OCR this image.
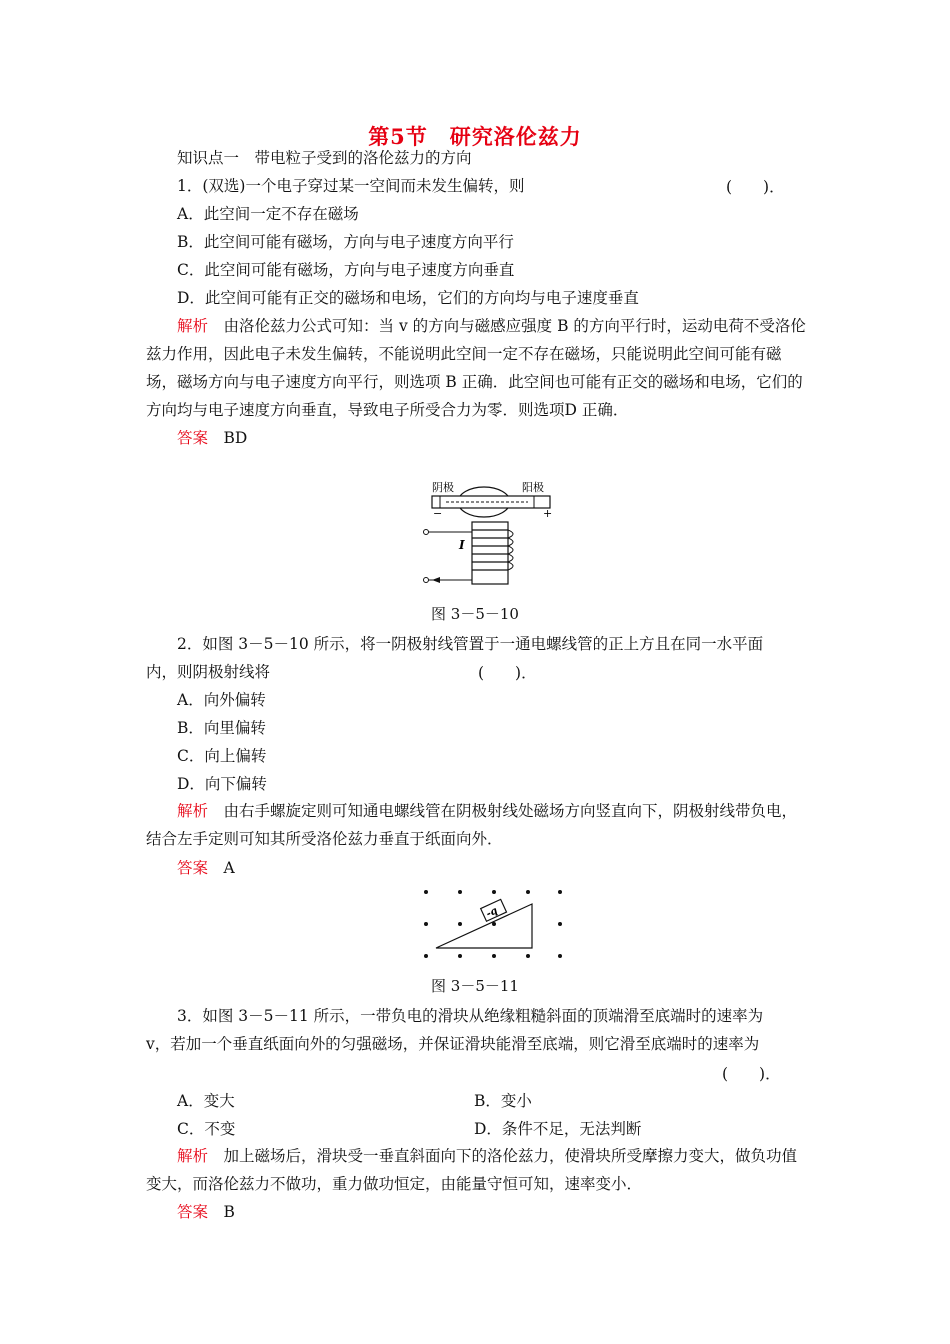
第5节　研究洛伦兹力
知识点一　带电粒子受到的洛伦兹力的方向
1．(双选)一个电子穿过某一空间而未发生偏转，则	(　　)．
A．此空间一定不存在磁场
B．此空间可能有磁场，方向与电子速度方向平行
C．此空间可能有磁场，方向与电子速度方向垂直
D．此空间可能有正交的磁场和电场，它们的方向均与电子速度垂直
解析　 由洛伦兹力公式可知：当 v 的方向与磁感应强度 B 的方向平行时，运动电荷不受洛伦兹力作用，因此电子未发生偏转，不能说明此空间一定不存在磁场，只能说明此空间可能有磁场，磁场方向与电子速度方向平行，则选项 B 正确．此空间也可能有正交的磁场和电场，它们的方向均与电子速度方向垂直，导致电子所受合力为零．则选项D 正确．
答案　 BD
阴极	阳极
−	+
I
图 3－5－10
2．如图 3－5－10 所示，将一阴极射线管置于一通电螺线管的正上方且在同一水平面
内，则阴极射线将	(　　)．
A．向外偏转
B．向里偏转
C．向上偏转
D．向下偏转
解析　 由右手螺旋定则可知通电螺线管在阴极射线处磁场方向竖直向下，阴极射线带负电，结合左手定则可知其所受洛伦兹力垂直于纸面向外．
答案　 A
-q
图 3－5－11
3．如图 3－5－11 所示，一带负电的滑块从绝缘粗糙斜面的顶端滑至底端时的速率为
v，若加一个垂直纸面向外的匀强磁场，并保证滑块能滑至底端，则它滑至底端时的速率为
(　　)．
A．变大	B．变小
C．不变	D．条件不足，无法判断
解析　 加上磁场后，滑块受一垂直斜面向下的洛伦兹力，使滑块所受摩擦力变大，做负功值变大，而洛伦兹力不做功，重力做功恒定，由能量守恒可知，速率变小．
答案　 B
